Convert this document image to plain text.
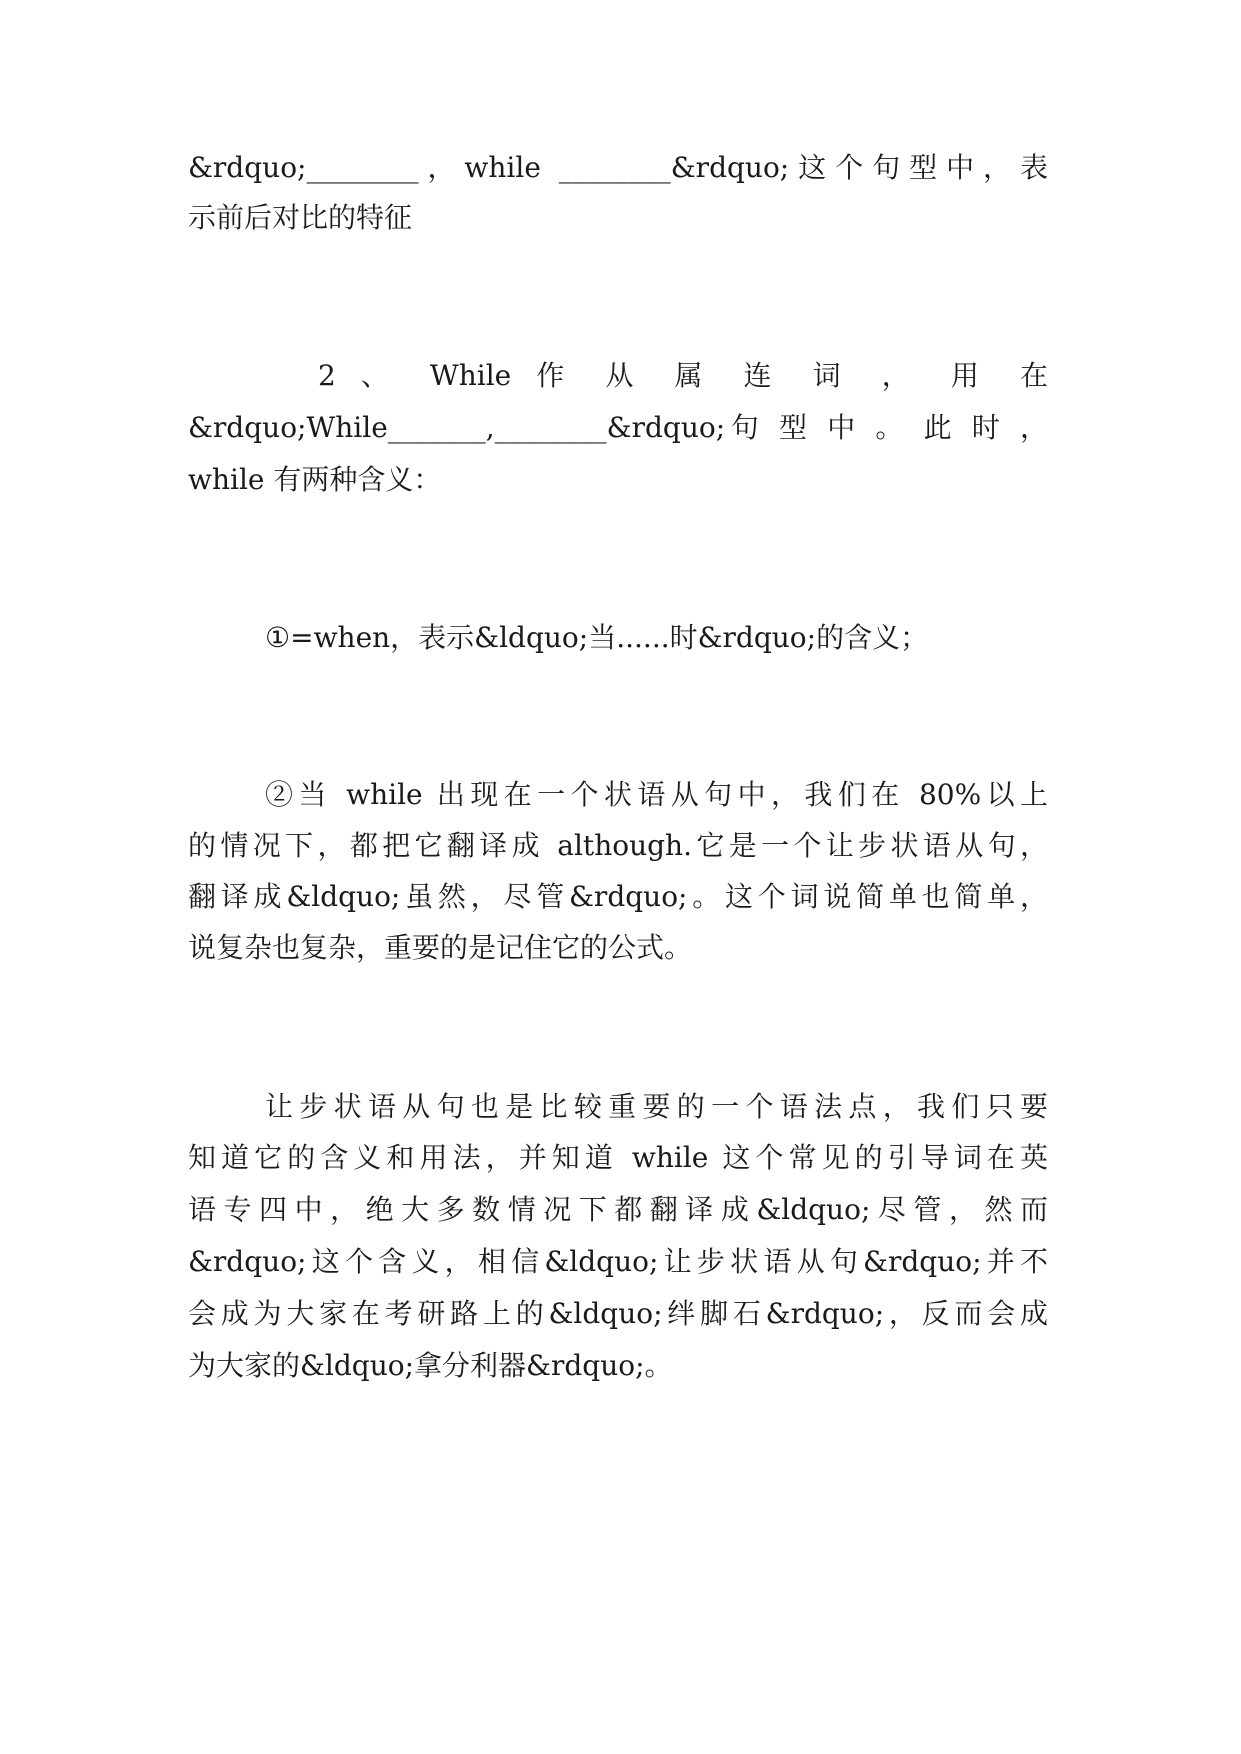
&rdquo;________，while ________&rdquo;这个句型中，表
示前后对比的特征
2 、 While 作 从 属 连 词 ， 用 在
&rdquo;While_______,________&rdquo;句 型 中 。 此 时 ，
while 有两种含义：
①=when，表示&ldquo;当......时&rdquo;的含义；
②当 while 出现在一个状语从句中，我们在 80%以上
的情况下，都把它翻译成 although.它是一个让步状语从句，
翻译成&ldquo;虽然，尽管&rdquo;。这个词说简单也简单，
说复杂也复杂，重要的是记住它的公式。
让步状语从句也是比较重要的一个语法点，我们只要
知道它的含义和用法，并知道 while 这个常见的引导词在英
语专四中，绝大多数情况下都翻译成&ldquo;尽管，然而
&rdquo;这个含义，相信&ldquo;让步状语从句&rdquo;并不
会成为大家在考研路上的&ldquo;绊脚石&rdquo;，反而会成
为大家的&ldquo;拿分利器&rdquo;。
